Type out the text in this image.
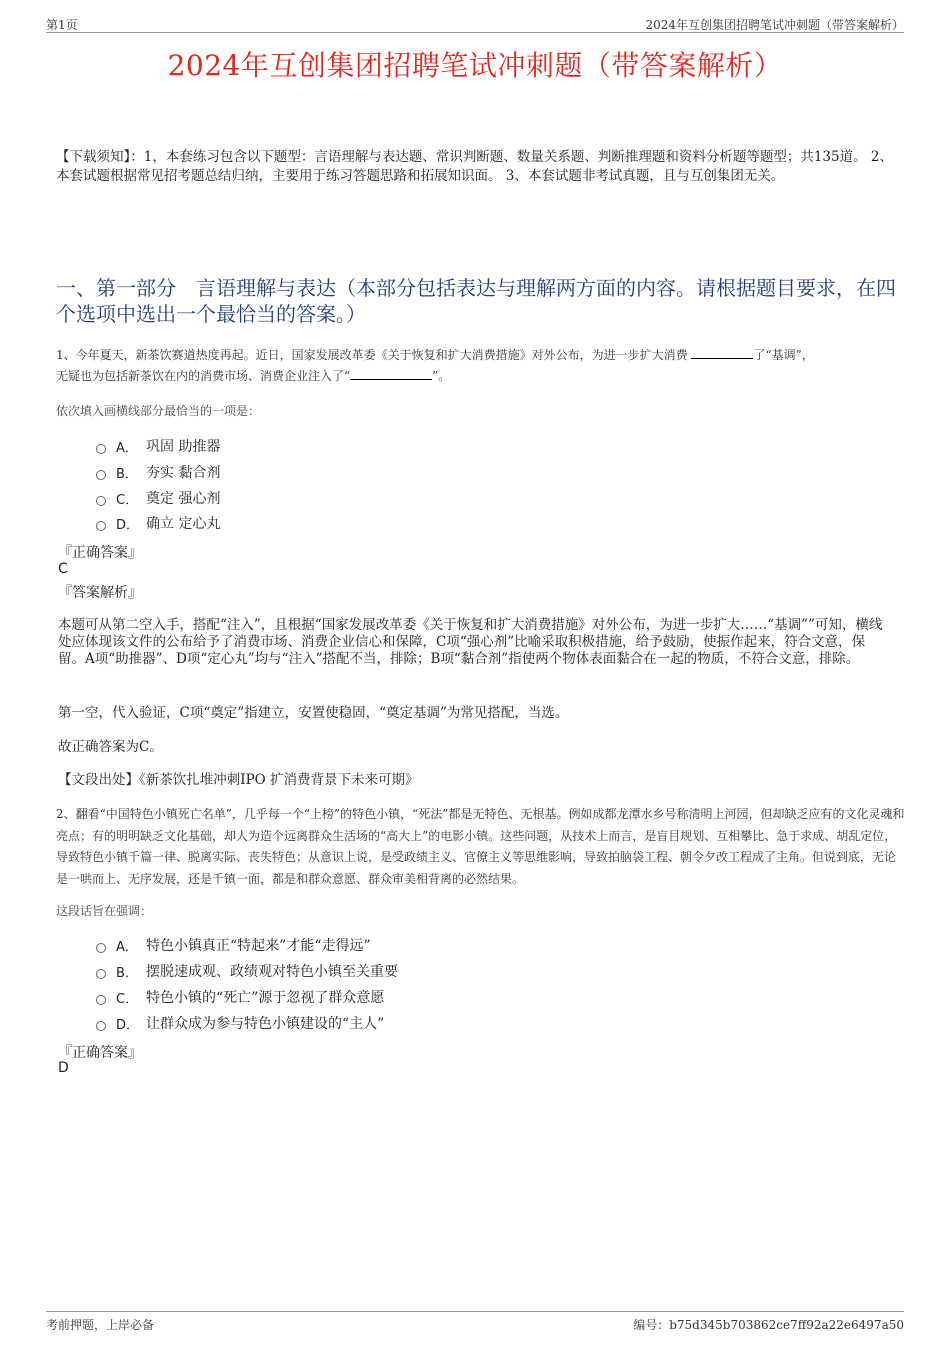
第1页	2024年互创集团招聘笔试冲刺题（带答案解析）
2024年互创集团招聘笔试冲刺题（带答案解析）
【下载须知】：1，本套练习包含以下题型：言语理解与表达题、常识判断题、数量关系题、判断推理题和资料分析题等题型；共135道。 2、本套试题根据常见招考题总结归纳，主要用于练习答题思路和拓展知识面。 3、本套试题非考试真题，且与互创集团无关。
一、第一部分　言语理解与表达（本部分包括表达与理解两方面的内容。请根据题目要求，在四个选项中选出一个最恰当的答案。）
1、今年夏天，新茶饮赛道热度再起。近日，国家发展改革委《关于恢复和扩大消费措施》对外公布，为进一步扩大消费	了“基调”，
无疑也为包括新茶饮在内的消费市场、消费企业注入了“	”。
依次填入画横线部分最恰当的一项是：
A． 巩固 助推器
B． 夯实 黏合剂
C． 奠定 强心剂
D． 确立 定心丸
『正确答案』
C
『答案解析』
本题可从第二空入手，搭配“注入”，且根据“国家发展改革委《关于恢复和扩大消费措施》对外公布，为进一步扩大……“基调””可知，横线处应体现该文件的公布给予了消费市场、消费企业信心和保障，C项“强心剂”比喻采取积极措施，给予鼓励，使振作起来，符合文意，保留。A项“助推器”、D项“定心丸”均与“注入”搭配不当，排除；B项“黏合剂”指使两个物体表面黏合在一起的物质，不符合文意，排除。
第一空，代入验证，C项“奠定”指建立，安置使稳固，“奠定基调”为常见搭配，当选。
故正确答案为C。
【文段出处】《新茶饮扎堆冲刺IPO 扩消费背景下未来可期》
2、翻看“中国特色小镇死亡名单”，几乎每一个“上榜”的特色小镇，“死法”都是无特色、无根基。例如成都龙潭水乡号称清明上河园，但却缺乏应有的文化灵魂和亮点；有的明明缺乏文化基础，却人为造个远离群众生活场的“高大上”的电影小镇。这些问题，从技术上而言，是盲目规划、互相攀比、急于求成、胡乱定位，导致特色小镇千篇一律、脱离实际、丧失特色；从意识上说，是受政绩主义、官僚主义等思维影响，导致拍脑袋工程、朝令夕改工程成了主角。但说到底，无论是一哄而上、无序发展，还是千镇一面，都是和群众意愿、群众审美相背离的必然结果。
这段话旨在强调：
A． 特色小镇真正“特起来”才能“走得远”
B． 摆脱速成观、政绩观对特色小镇至关重要
C． 特色小镇的“死亡”源于忽视了群众意愿
D． 让群众成为参与特色小镇建设的“主人”
『正确答案』
D
考前押题，上岸必备	编号：b75d345b703862ce7ff92a22e6497a50
